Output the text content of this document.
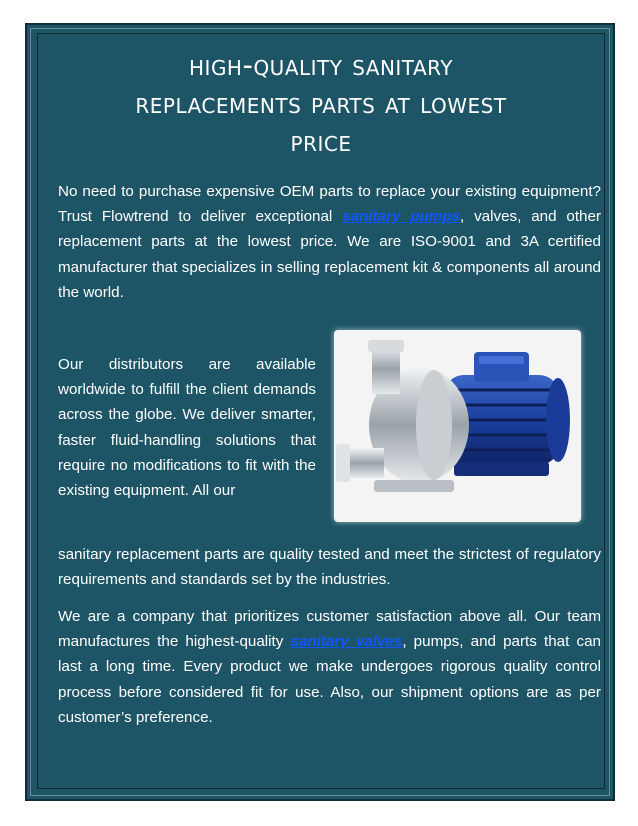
high-quality sanitary
replacements parts at lowest
price
No need to purchase expensive OEM parts to replace your existing equipment? Trust Flowtrend to deliver exceptional sanitary pumps, valves, and other replacement parts at the lowest price. We are ISO-9001 and 3A certified manufacturer that specializes in selling replacement kit & components all around the world.
Our distributors are available worldwide to fulfill the client demands across the globe. We deliver smarter, faster fluid-handling solutions that require no modifications to fit with the existing equipment. All our
sanitary replacement parts are quality tested and meet the strictest of regulatory requirements and standards set by the industries.
We are a company that prioritizes customer satisfaction above all. Our team manufactures the highest-quality sanitary valves, pumps, and parts that can last a long time. Every product we make undergoes rigorous quality control process before considered fit for use. Also, our shipment options are as per customer’s preference.
